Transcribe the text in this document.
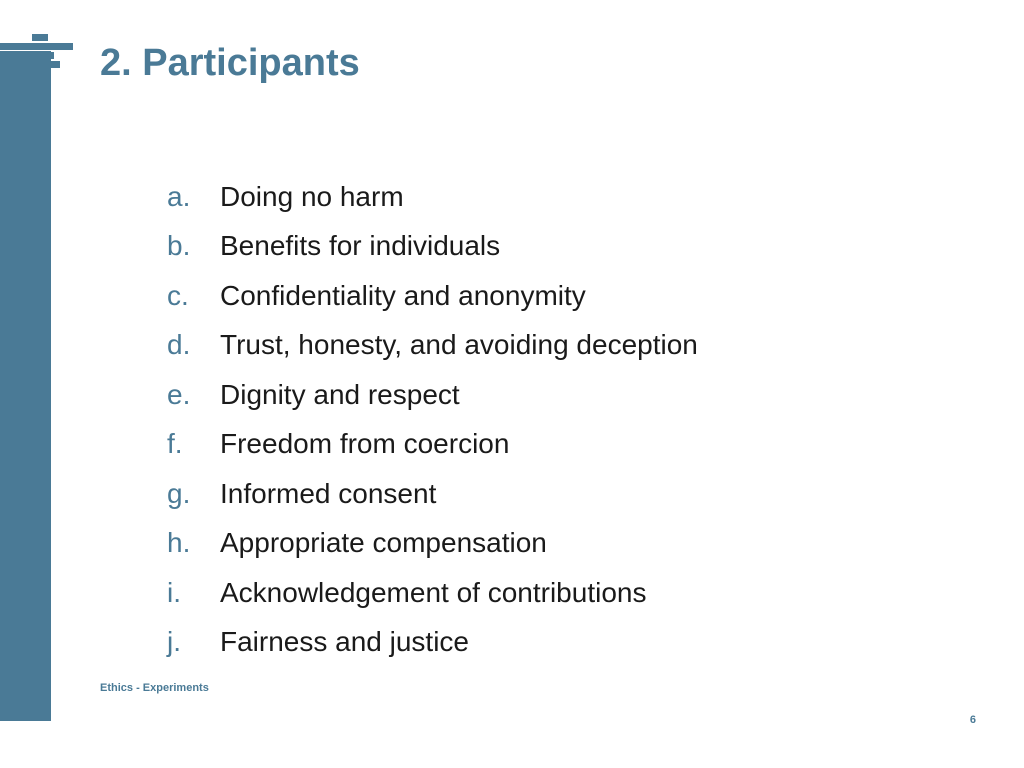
2. Participants
a.	Doing no harm
b.	Benefits for individuals
c.	Confidentiality and anonymity
d.	Trust, honesty, and avoiding deception
e.	Dignity and respect
f.	Freedom from coercion
g.	Informed consent
h.	Appropriate compensation
i.	Acknowledgement of contributions
j.	Fairness and justice
Ethics - Experiments
6
